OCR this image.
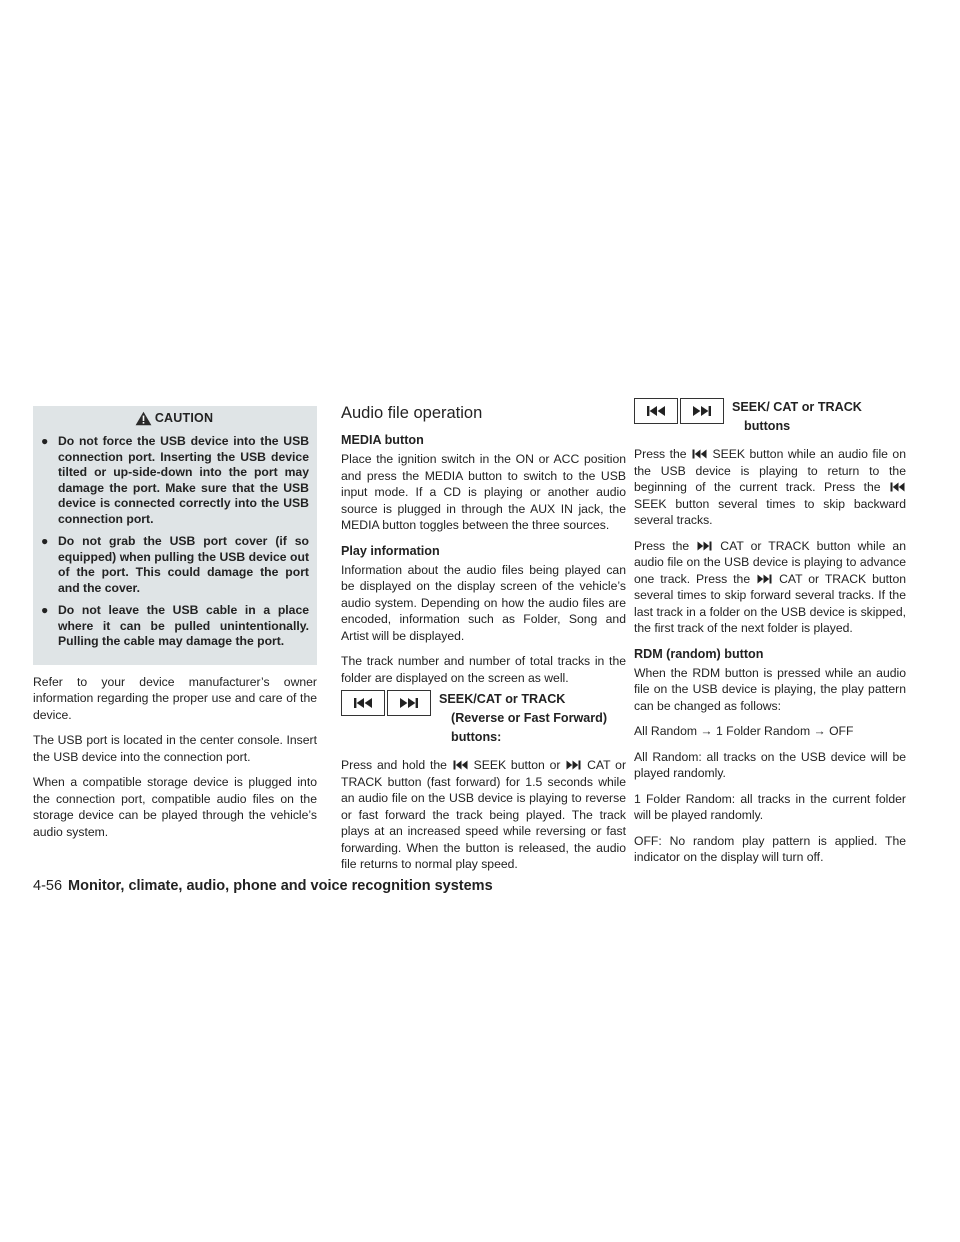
CAUTION
● Do not force the USB device into the USB connection port. Inserting the USB device tilted or up-side-down into the port may damage the port. Make sure that the USB device is connected correctly into the USB connection port.
● Do not grab the USB port cover (if so equipped) when pulling the USB device out of the port. This could damage the port and the cover.
● Do not leave the USB cable in a place where it can be pulled unintentionally. Pulling the cable may damage the port.

Refer to your device manufacturer’s owner information regarding the proper use and care of the device.

The USB port is located in the center console. Insert the USB device into the connection port.

When a compatible storage device is plugged into the connection port, compatible audio files on the storage device can be played through the vehicle’s audio system.

Audio file operation
MEDIA button

Place the ignition switch in the ON or ACC position and press the MEDIA button to switch to the USB input mode. If a CD is playing or another audio source is plugged in through the AUX IN jack, the MEDIA button toggles between the three sources.

Play information

Information about the audio files being played can be displayed on the display screen of the vehicle’s audio system. Depending on how the audio files are encoded, information such as Folder, Song and Artist will be displayed.

The track number and number of total tracks in the folder are displayed on the screen as well.

SEEK/CAT or TRACK
(Reverse or Fast Forward)
buttons:

Press and hold the SEEK button or CAT or TRACK button (fast forward) for 1.5 seconds while an audio file on the USB device is playing to reverse or fast forward the track being played. The track plays at an increased speed while reversing or fast forwarding. When the button is released, the audio file returns to normal play speed.

SEEK/ CAT or TRACK
buttons

Press the SEEK button while an audio file on the USB device is playing to return to the beginning of the current track. Press the  SEEK button several times to skip backward several tracks.

Press the	CAT or TRACK button while an audio file on the USB device is playing to advance one track. Press the CAT or TRACK button several times to skip forward several tracks. If the last track in a folder on the USB device is skipped, the first track of the next folder is played.

RDM (random) button

When the RDM button is pressed while an audio file on the USB device is playing, the play pattern can be changed as follows:

All Random → 1 Folder Random → OFF

All Random: all tracks on the USB device will be played randomly.

1 Folder Random: all tracks in the current folder will be played randomly.

OFF: No random play pattern is applied. The indicator on the display will turn off.

4-56 Monitor, climate, audio, phone and voice recognition systems
